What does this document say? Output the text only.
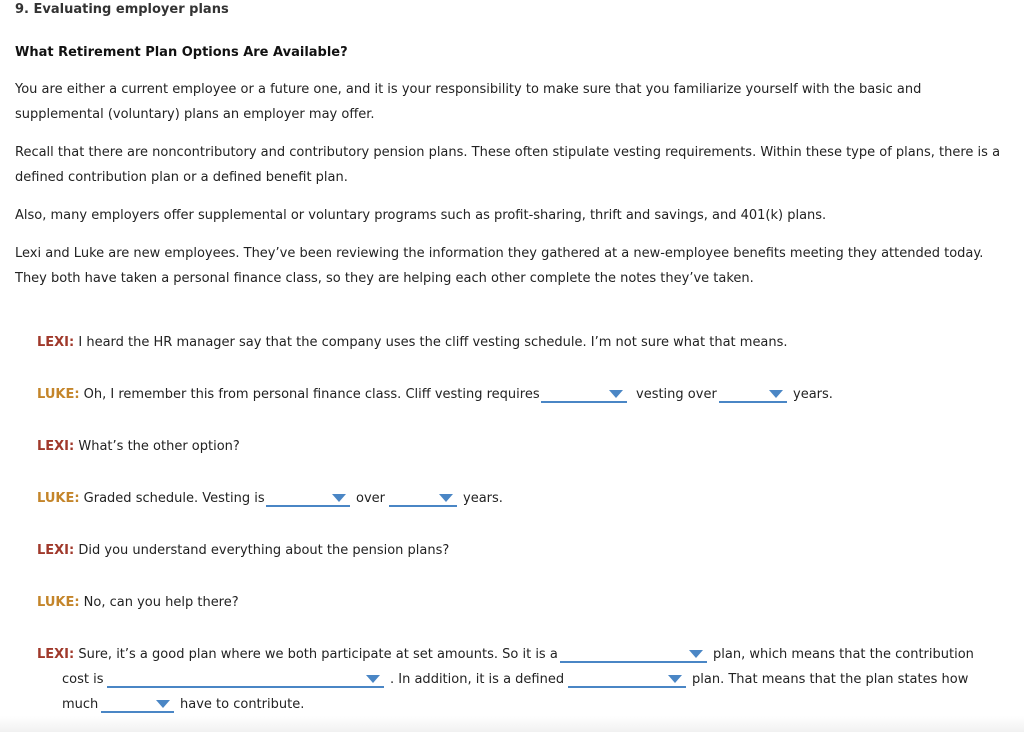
9. Evaluating employer plans
What Retirement Plan Options Are Available?
You are either a current employee or a future one, and it is your responsibility to make sure that you familiarize yourself with the basic and
supplemental (voluntary) plans an employer may offer.
Recall that there are noncontributory and contributory pension plans. These often stipulate vesting requirements. Within these type of plans, there is a
defined contribution plan or a defined benefit plan.
Also, many employers offer supplemental or voluntary programs such as profit-sharing, thrift and savings, and 401(k) plans.
Lexi and Luke are new employees. They’ve been reviewing the information they gathered at a new-employee benefits meeting they attended today.
They both have taken a personal finance class, so they are helping each other complete the notes they’ve taken.
LEXI: I heard the HR manager say that the company uses the cliff vesting schedule. I’m not sure what that means.
LUKE: Oh, I remember this from personal finance class. Cliff vesting requires	vesting over	years.
LEXI: What’s the other option?
LUKE: Graded schedule. Vesting is	over	years.
LEXI: Did you understand everything about the pension plans?
LUKE: No, can you help there?
LEXI: Sure, it’s a good plan where we both participate at set amounts. So it is a	plan, which means that the contribution
cost is	. In addition, it is a defined	plan. That means that the plan states how
much	have to contribute.
